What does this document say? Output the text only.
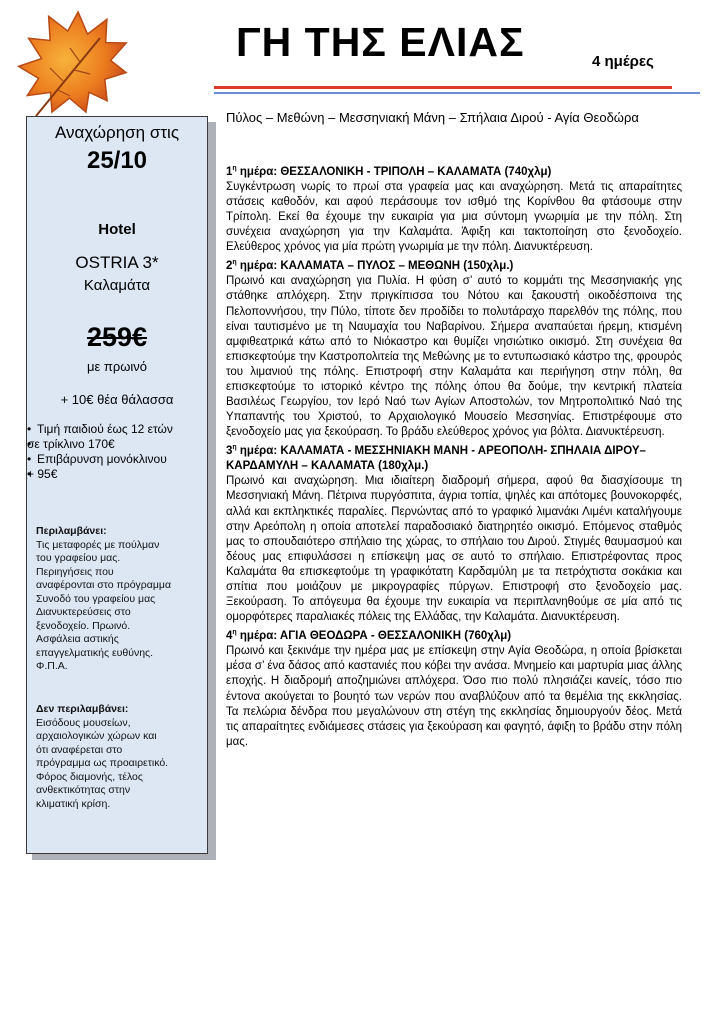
ΓΗ ΤΗΣ ΕΛΙΑΣ	4 ημέρες
Αναχώρηση στις
25/10
Hotel
OSTRIA 3*
Καλαμάτα
259€
με πρωινό
+ 10€ θέα θάλασσα
• Τιμή παιδιού έως 12 ετών
• σε τρίκλινο 170€
• Επιβάρυνση μονόκλινου
• + 95€
Περιλαμβάνει:
Τις μεταφορές με πούλμαν
του γραφείου μας.
Περιηγήσεις που
αναφέρονται στο πρόγραμμα
Συνοδό του γραφείου μας
Διανυκτερεύσεις στο
ξενοδοχείο. Πρωινό.
Ασφάλεια αστικής
επαγγελματικής ευθύνης.
Φ.Π.Α.
Δεν περιλαμβάνει:
Εισόδους μουσείων,
αρχαιολογικών χώρων και
ότι αναφέρεται στο
πρόγραμμα ως προαιρετικό.
Φόρος διαμονής, τέλος
ανθεκτικότητας στην
κλιματική κρίση.

Πύλος – Μεθώνη – Μεσσηνιακή Μάνη – Σπήλαια Διρού - Αγία Θεοδώρα

$1^\eta$ ημέρα: ΘΕΣΣΑΛΟΝΙΚΗ - ΤΡΙΠΟΛΗ – ΚΑΛΑΜΑΤΑ (740χλμ)

Συγκέντρωση νωρίς το πρωί στα γραφεία μας και αναχώρηση. Μετά τις απαραίτητες στάσεις καθοδόν, και αφού περάσουμε τον ισθμό της Κορίνθου θα φτάσουμε στην Τρίπολη. Εκεί θα έχουμε την ευκαιρία για μια σύντομη γνωριμία με την πόλη. Στη συνέχεια αναχώρηση για την Καλαμάτα. Άφιξη και τακτοποίηση στο ξενοδοχείο. Ελεύθερος χρόνος για μία πρώτη γνωριμία με την πόλη. Διανυκτέρευση.

$2^\eta$ ημέρα: ΚΑΛΑΜΑΤΑ – ΠΥΛΟΣ – ΜΕΘΩΝΗ (150χλμ.)

Πρωινό και αναχώρηση για Πυλία. Η φύση σ’ αυτό το κομμάτι της Μεσσηνιακής γης στάθηκε απλόχερη. Στην πριγκίπισσα του Νότου και ξακουστή οικοδέσποινα της Πελοποννήσου, την Πύλο, τίποτε δεν προδίδει το πολυτάραχο παρελθόν της πόλης, που είναι ταυτισμένο με τη Ναυμαχία του Ναβαρίνου. Σήμερα αναπαύεται ήρεμη, κτισμένη αμφιθεατρικά κάτω από το Νιόκαστρο και θυμίζει νησιώτικο οικισμό. Στη συνέχεια θα επισκεφτούμε την Καστροπολιτεία της Μεθώνης με το εντυπωσιακό κάστρο της, φρουρός του λιμανιού της πόλης. Επιστροφή στην Καλαμάτα και περιήγηση στην πόλη, θα επισκεφτούμε το ιστορικό κέντρο της πόλης όπου θα δούμε, την κεντρική πλατεία Βασιλέως Γεωργίου, τον Ιερό Ναό των Αγίων Αποστολών, τον Μητροπολιτικό Ναό της Υπαπαντής του Χριστού, το Αρχαιολογικό Μουσείο Μεσσηνίας. Επιστρέφουμε στο ξενοδοχείο μας για ξεκούραση. Το βράδυ ελεύθερος χρόνος για βόλτα. Διανυκτέρευση.

$3^\eta$ ημέρα: ΚΑΛΑΜΑΤΑ - ΜΕΣΣΗΝΙΑΚΗ ΜΑΝΗ - ΑΡΕΟΠΟΛΗ- ΣΠΗΛΑΙΑ ΔΙΡΟΥ– ΚΑΡΔΑΜΥΛΗ – ΚΑΛΑΜΑΤΑ (180χλμ.)

Πρωινό και αναχώρηση. Μια ιδιαίτερη διαδρομή σήμερα, αφού θα διασχίσουμε τη Μεσσηνιακή Μάνη. Πέτρινα πυργόσπιτα, άγρια τοπία, ψηλές και απότομες βουνοκορφές, αλλά και εκπληκτικές παραλίες. Περνώντας από το γραφικό λιμανάκι Λιμένι καταλήγουμε στην Αρεόπολη η οποία αποτελεί παραδοσιακό διατηρητέο οικισμό. Επόμενος σταθμός μας το σπουδαιότερο σπήλαιο της χώρας, το σπήλαιο του Διρού. Στιγμές θαυμασμού και δέους μας επιφυλάσσει η επίσκεψη μας σε αυτό το σπήλαιο. Επιστρέφοντας προς Καλαμάτα θα επισκεφτούμε τη γραφικότατη Καρδαμύλη με τα πετρόχτιστα σοκάκια και σπίτια που μοιάζουν με μικρογραφίες πύργων. Επιστροφή στο ξενοδοχείο μας. Ξεκούραση. Το απόγευμα θα έχουμε την ευκαιρία να περιπλανηθούμε σε μία από τις ομορφότερες παραλιακές πόλεις της Ελλάδας, την Καλαμάτα. Διανυκτέρευση.

$4^\eta$ ημέρα: ΑΓΙΑ ΘΕΟΔΩΡΑ - ΘΕΣΣΑΛΟΝΙΚΗ (760χλμ)

Πρωινό και ξεκινάμε την ημέρα μας με επίσκεψη στην Αγία Θεοδώρα, η οποία βρίσκεται μέσα σ’ ένα δάσος από καστανιές που κόβει την ανάσα. Μνημείο και μαρτυρία μιας άλλης εποχής. Η διαδρομή αποζημιώνει απλόχερα. Όσο πιο πολύ πλησιάζει κανείς, τόσο πιο έντονα ακούγεται το βουητό των νερών που αναβλύζουν από τα θεμέλια της εκκλησίας. Τα πελώρια δένδρα που μεγαλώνουν στη στέγη της εκκλησίας δημιουργούν δέος. Μετά τις απαραίτητες ενδιάμεσες στάσεις για ξεκούραση και φαγητό, άφιξη το βράδυ στην πόλη μας.
